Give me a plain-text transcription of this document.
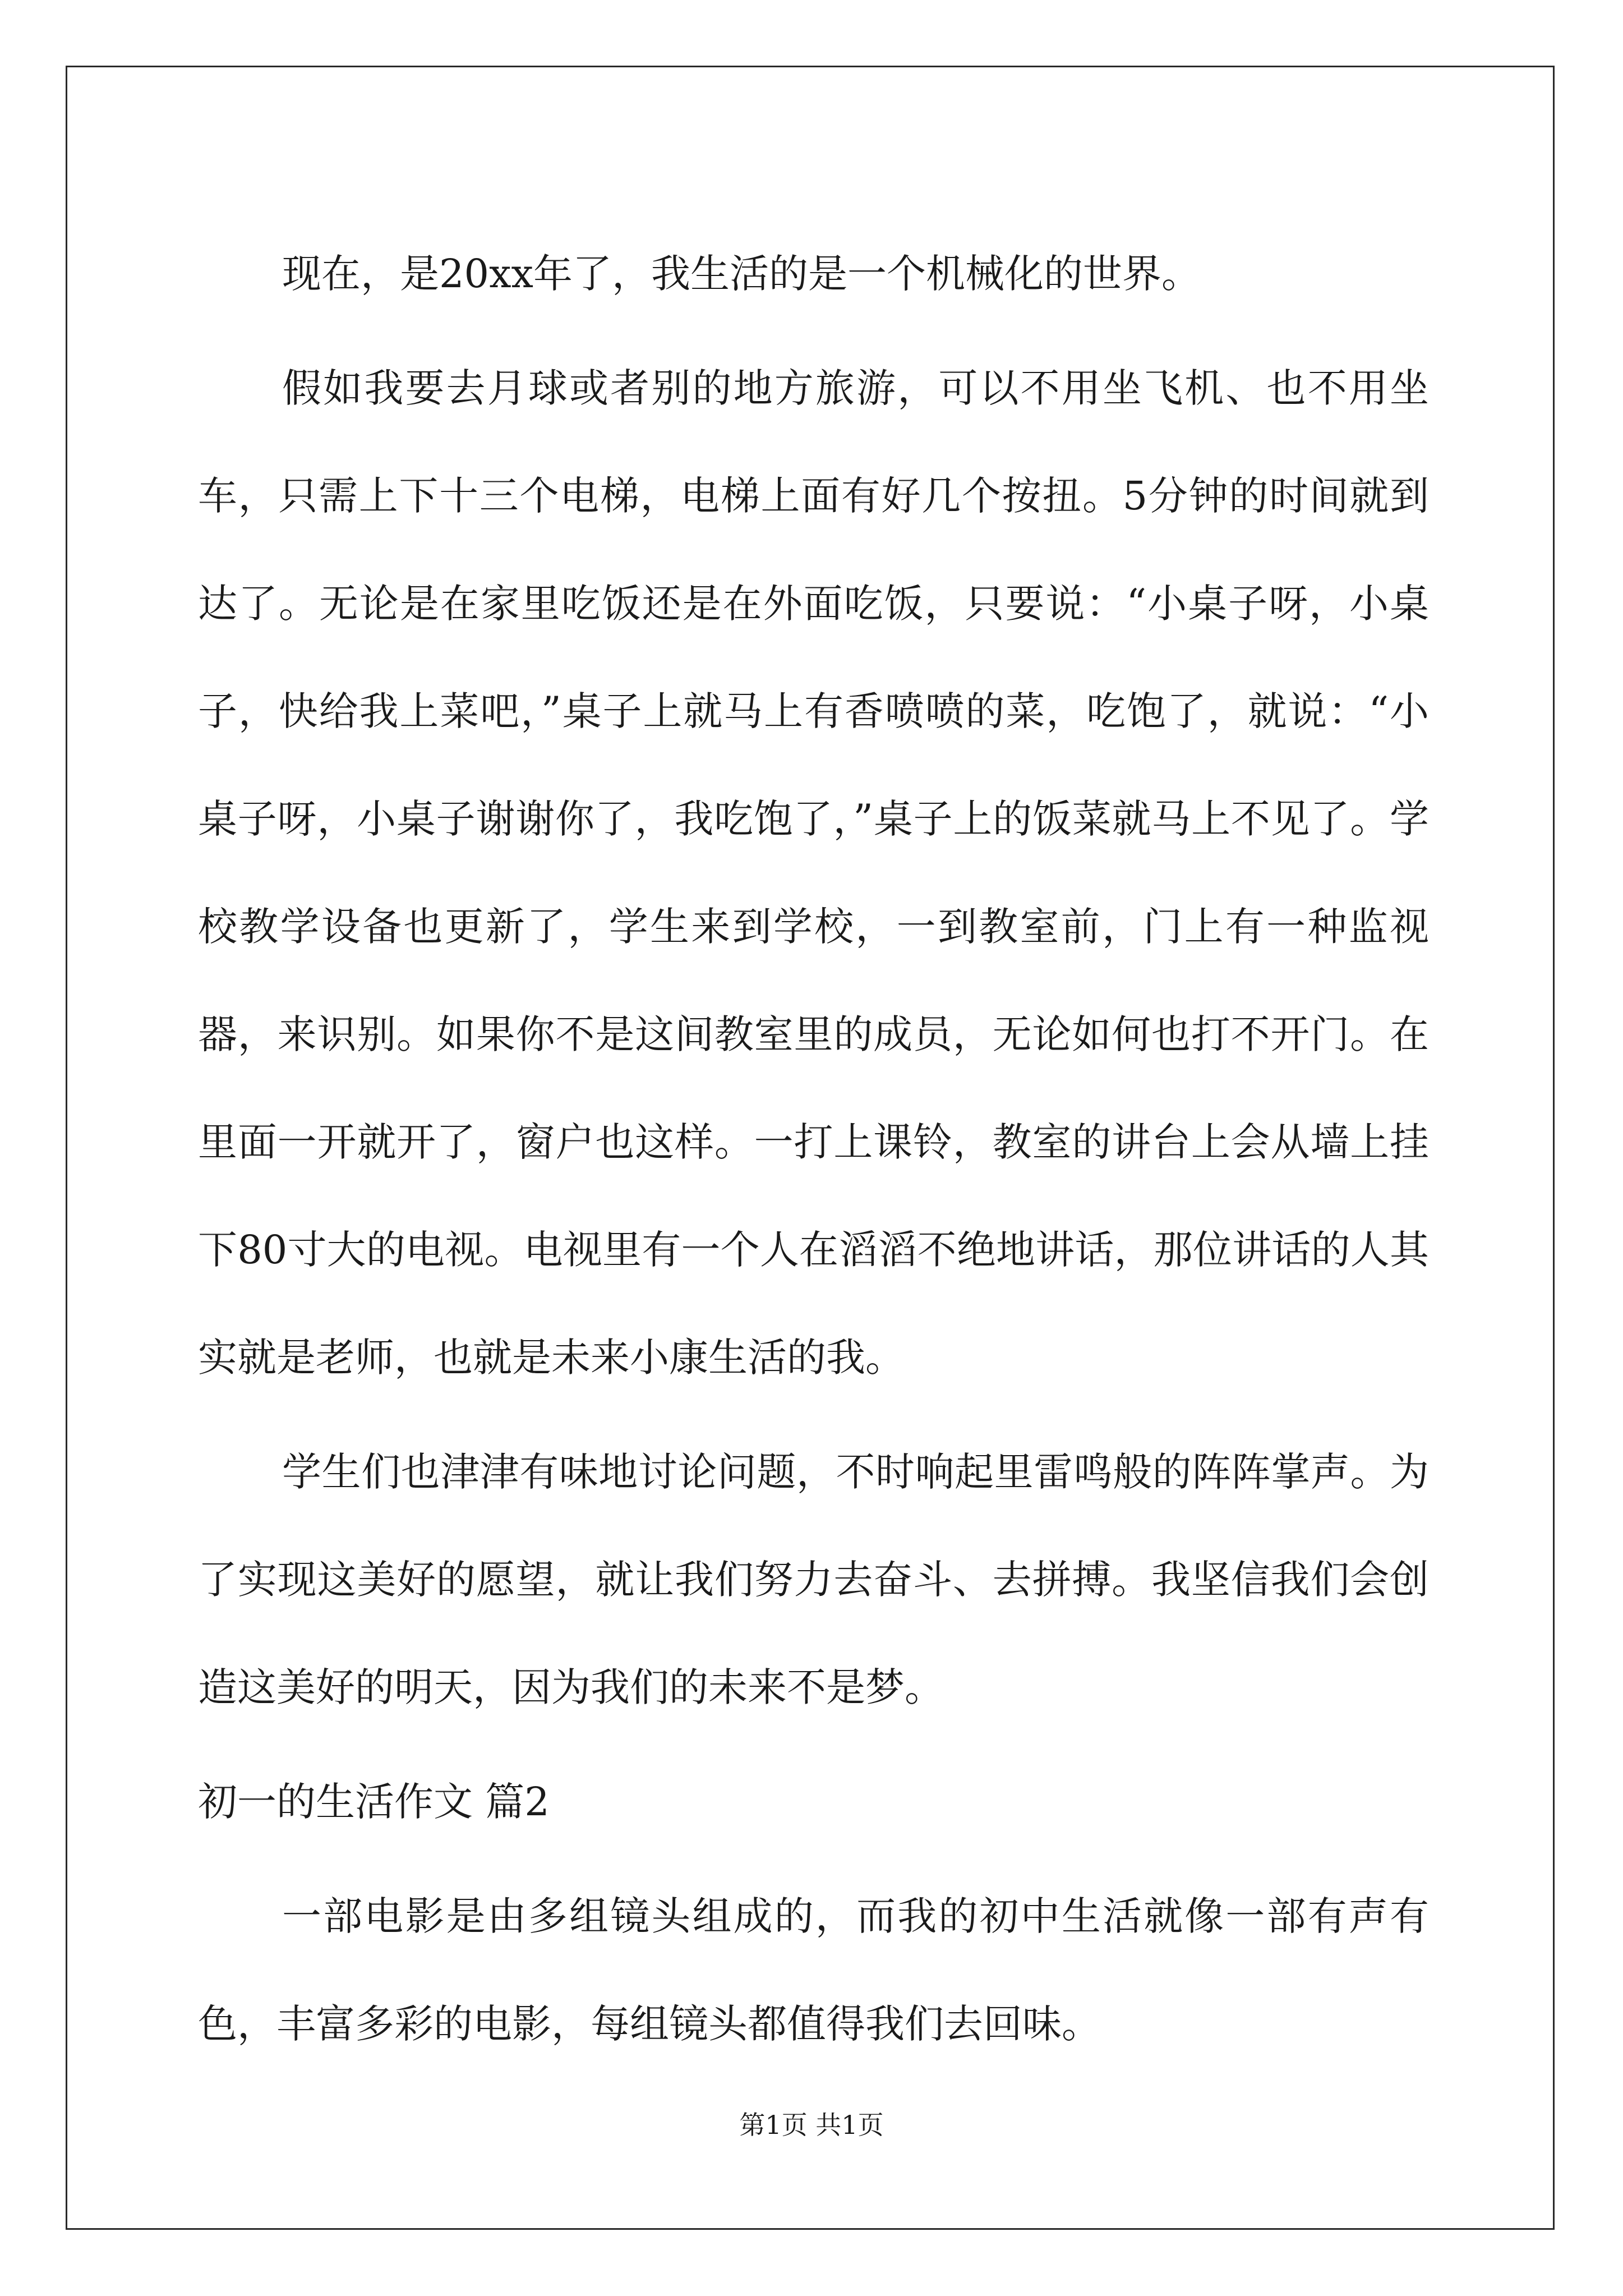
现在，是20xx年了，我生活的是一个机械化的世界。

假如我要去月球或者别的地方旅游，可以不用坐飞机、也不用坐车，只需上下十三个电梯，电梯上面有好几个按扭。5分钟的时间就到达了。无论是在家里吃饭还是在外面吃饭，只要说：“小桌子呀，小桌子，快给我上菜吧，”桌子上就马上有香喷喷的菜，吃饱了，就说：“小桌子呀，小桌子谢谢你了，我吃饱了，”桌子上的饭菜就马上不见了。学校教学设备也更新了，学生来到学校，一到教室前，门上有一种监视器，来识别。如果你不是这间教室里的成员，无论如何也打不开门。在里面一开就开了，窗户也这样。一打上课铃，教室的讲台上会从墙上挂下80寸大的电视。电视里有一个人在滔滔不绝地讲话，那位讲话的人其实就是老师，也就是未来小康生活的我。

学生们也津津有味地讨论问题，不时响起里雷鸣般的阵阵掌声。为了实现这美好的愿望，就让我们努力去奋斗、去拼搏。我坚信我们会创造这美好的明天，因为我们的未来不是梦。

初一的生活作文 篇2

一部电影是由多组镜头组成的，而我的初中生活就像一部有声有色，丰富多彩的电影，每组镜头都值得我们去回味。

第1页 共1页
